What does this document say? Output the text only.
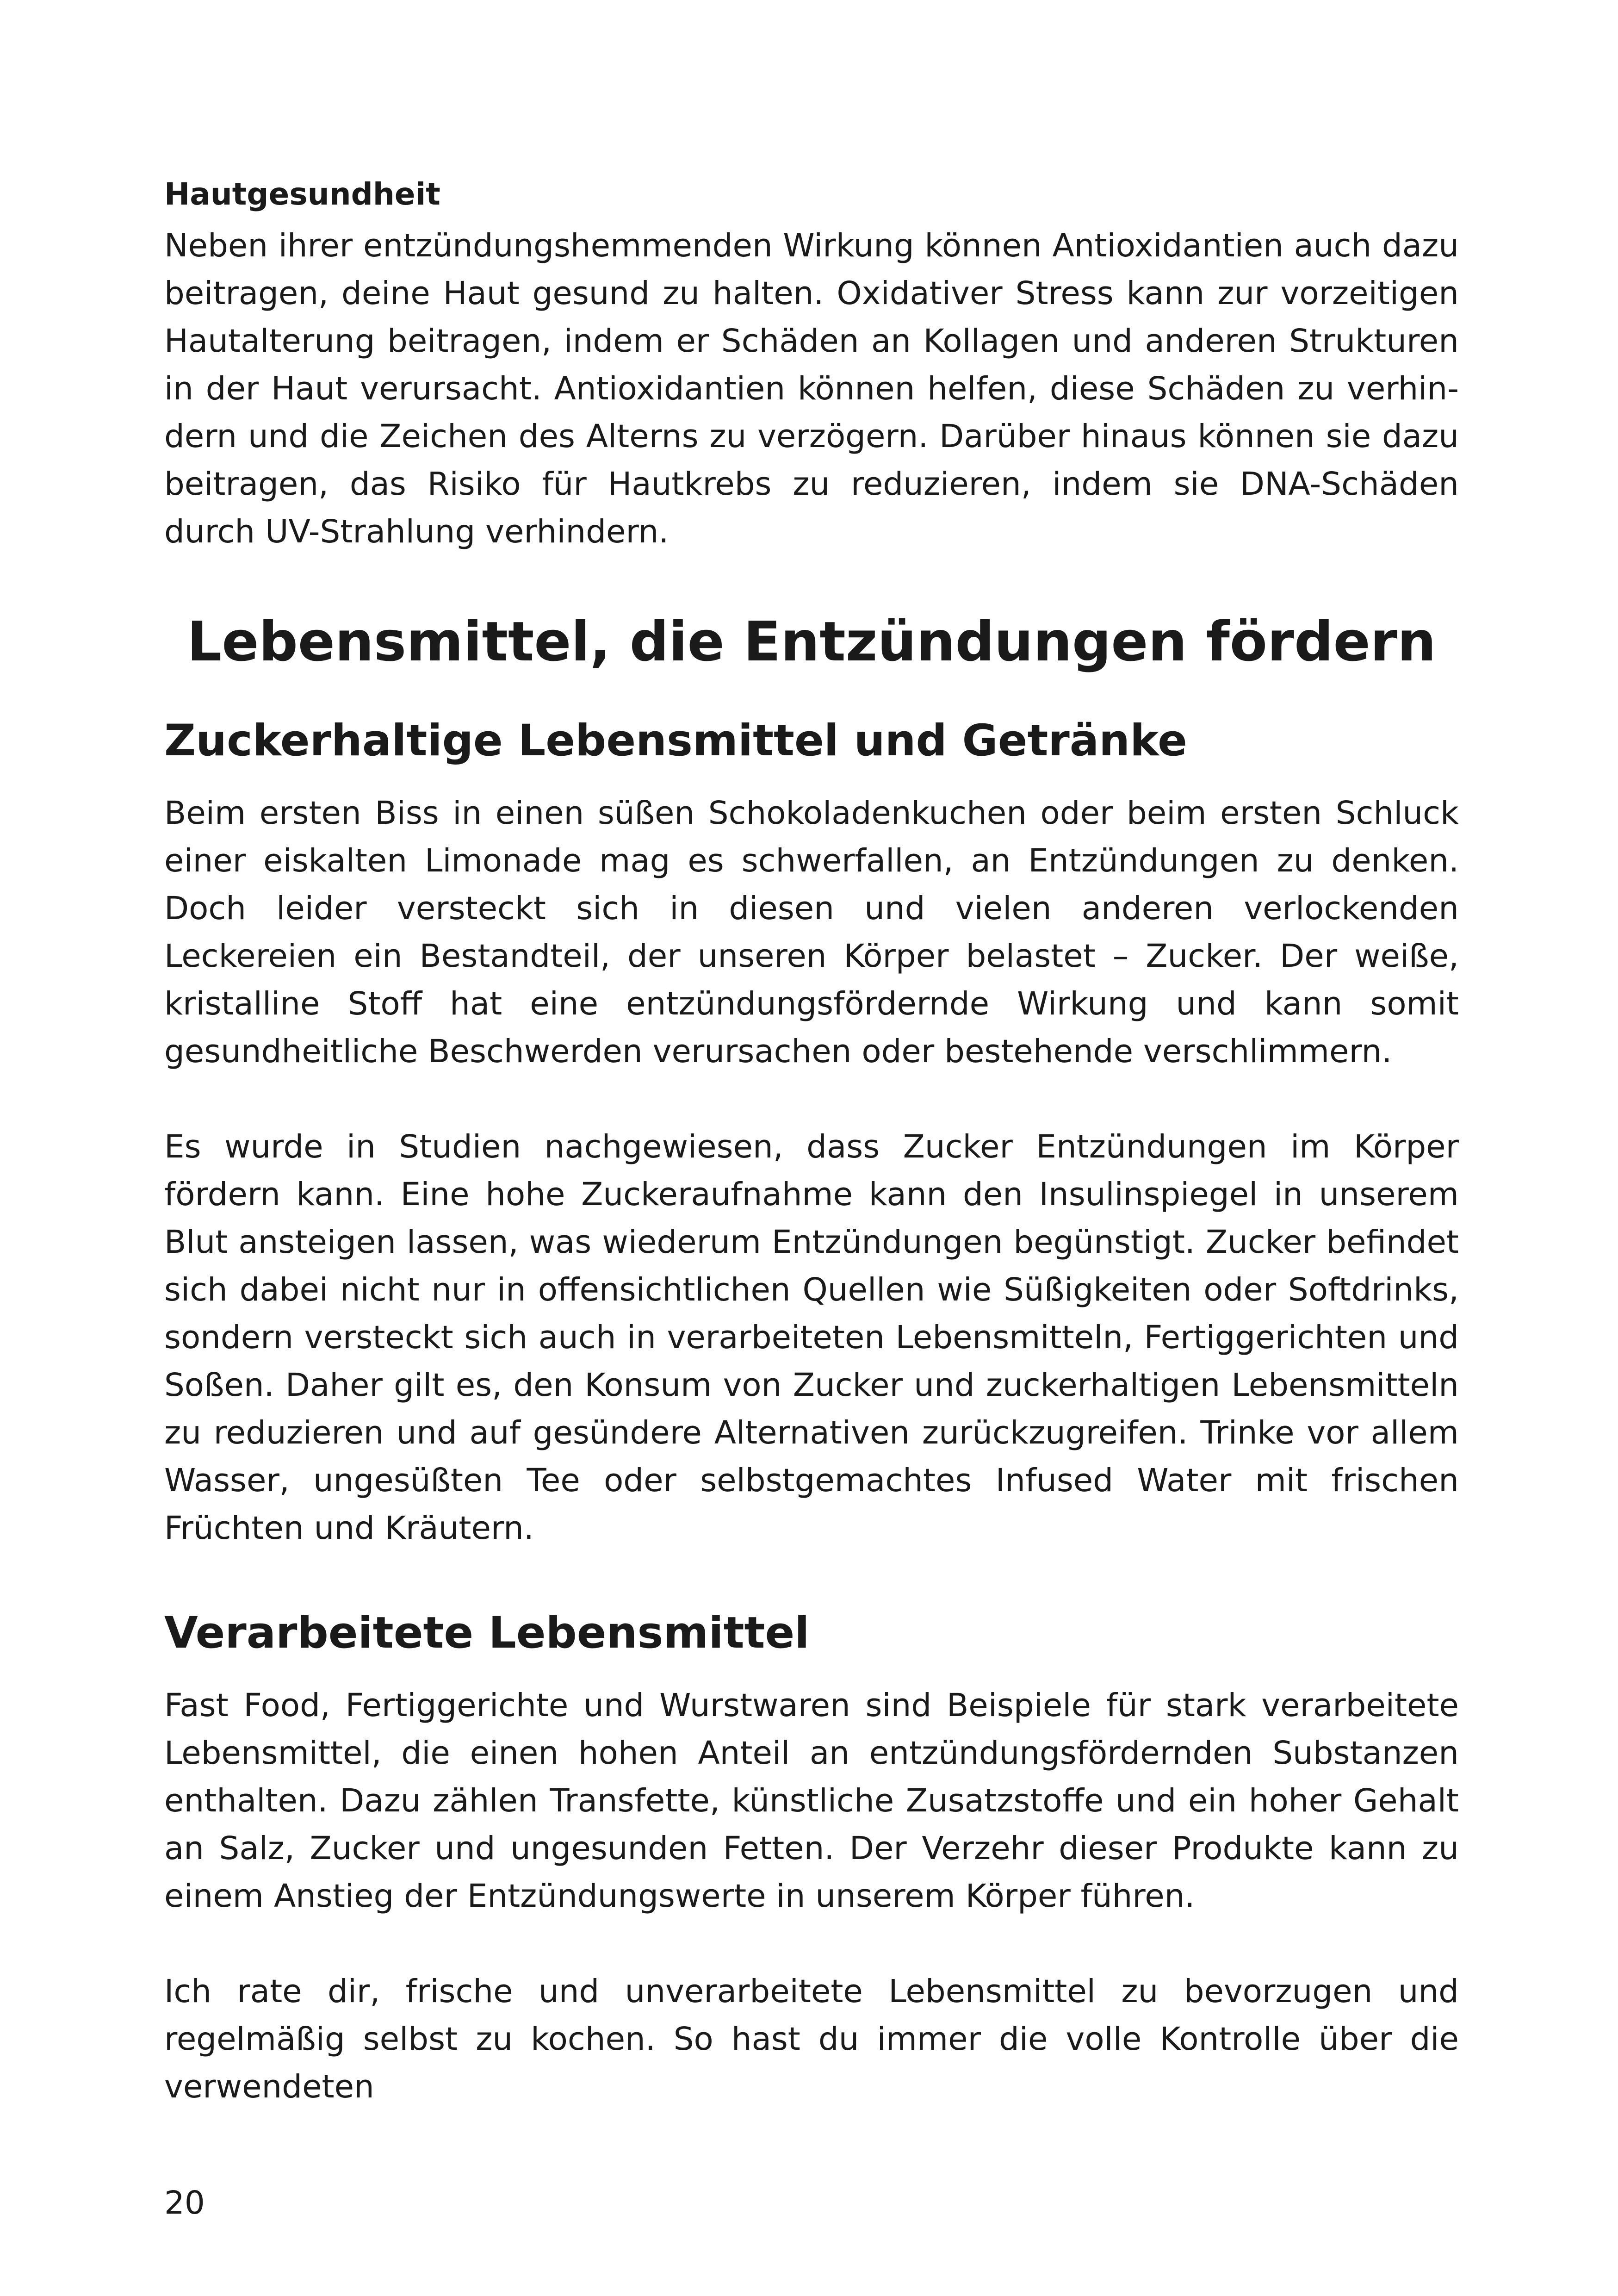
Hautgesundheit

Neben ihrer entzündungshemmenden Wirkung können Antioxidantien auch dazu beitragen, deine Haut gesund zu halten. Oxidativer Stress kann zur vorzeitigen Hautalterung beitragen, indem er Schäden an Kollagen und anderen Strukturen in der Haut verursacht. Antioxidantien können helfen, diese Schäden zu verhindern und die Zeichen des Alterns zu verzögern. Darüber hinaus können sie dazu beitragen, das Risiko für Hautkrebs zu reduzieren, indem sie DNA-Schäden durch UV-Strahlung verhindern.

Lebensmittel, die Entzündungen fördern
Zuckerhaltige Lebensmittel und Getränke

Beim ersten Biss in einen süßen Schokoladenkuchen oder beim ersten Schluck einer eiskalten Limonade mag es schwerfallen, an Entzündungen zu denken. Doch leider versteckt sich in diesen und vielen anderen verlockenden Leckereien ein Bestandteil, der unseren Körper belastet – Zucker. Der weiße, kristalline Stoff hat eine entzündungsfördernde Wirkung und kann somit gesundheitliche Beschwerden verursachen oder bestehende verschlimmern.

Es wurde in Studien nachgewiesen, dass Zucker Entzündungen im Körper fördern kann. Eine hohe Zuckeraufnahme kann den Insulinspiegel in unserem Blut ansteigen lassen, was wiederum Entzündungen begünstigt. Zucker befindet sich dabei nicht nur in offensichtlichen Quellen wie Süßigkeiten oder Softdrinks, sondern versteckt sich auch in verarbeiteten Lebensmitteln, Fertiggerichten und Soßen. Daher gilt es, den Konsum von Zucker und zuckerhaltigen Lebensmitteln zu reduzieren und auf gesündere Alternativen zurückzugreifen. Trinke vor allem Wasser, ungesüßten Tee oder selbstgemachtes Infused Water mit frischen Früchten und Kräutern.

Verarbeitete Lebensmittel

Fast Food, Fertiggerichte und Wurstwaren sind Beispiele für stark verarbeitete Lebensmittel, die einen hohen Anteil an entzündungsfördernden Substanzen enthalten. Dazu zählen Transfette, künstliche Zusatzstoffe und ein hoher Gehalt an Salz, Zucker und ungesunden Fetten. Der Verzehr dieser Produkte kann zu einem Anstieg der Entzündungswerte in unserem Körper führen.

Ich rate dir, frische und unverarbeitete Lebensmittel zu bevorzugen und regelmäßig selbst zu kochen. So hast du immer die volle Kontrolle über die verwendeten

20
